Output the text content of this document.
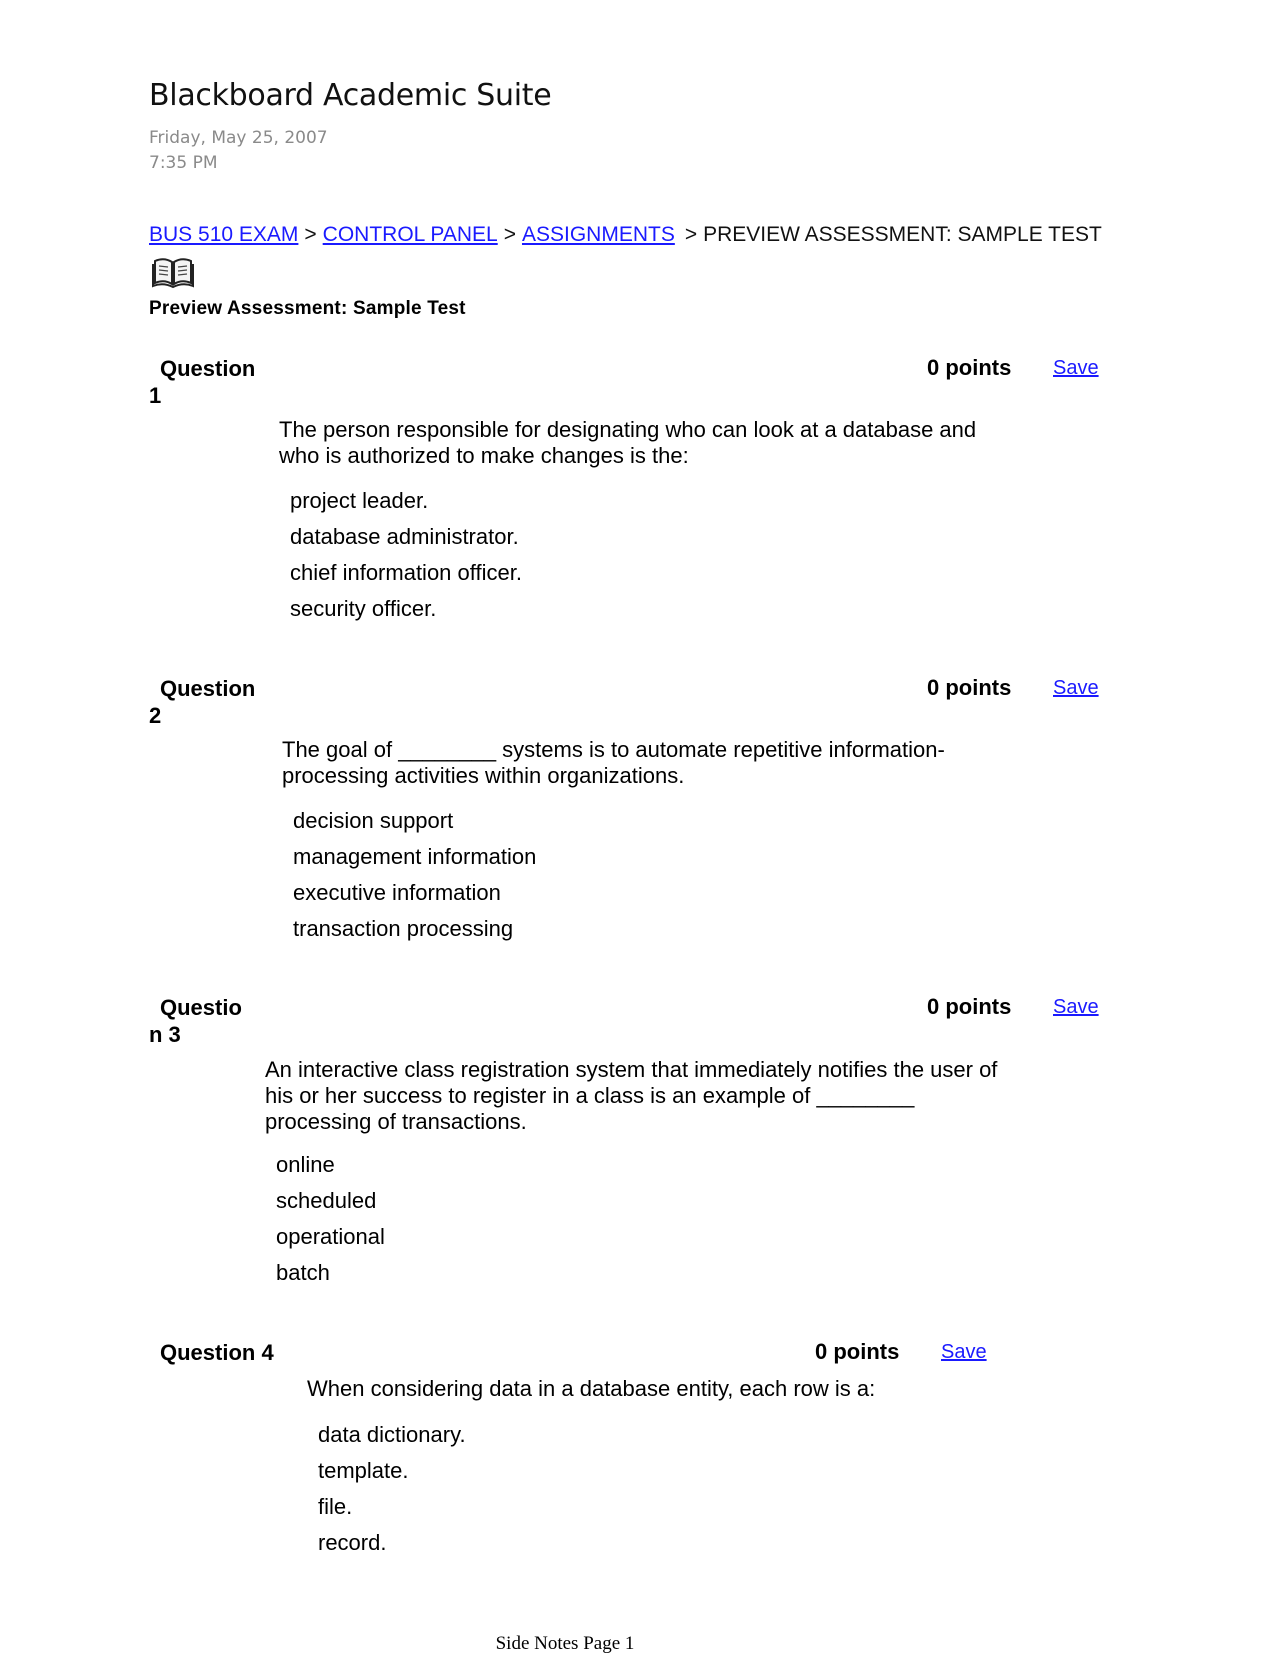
Blackboard Academic Suite
Friday, May 25, 2007
7:35 PM
BUS 510 EXAM > CONTROL PANEL > ASSIGNMENTS > PREVIEW ASSESSMENT: SAMPLE TEST
Preview Assessment: Sample Test
Question
1
0 points Save
The person responsible for designating who can look at a database and who is authorized to make changes is the:
project leader.
database administrator.
chief information officer.
security officer.
Question
2
0 points Save
The goal of ________ systems is to automate repetitive information-processing activities within organizations.
decision support
management information
executive information
transaction processing
Questio
n 3
0 points Save
An interactive class registration system that immediately notifies the user of his or her success to register in a class is an example of ________ processing of transactions.
online
scheduled
operational
batch
Question 4	0 points Save
When considering data in a database entity, each row is a:
data dictionary.
template.
file.
record.
Side Notes Page 1
